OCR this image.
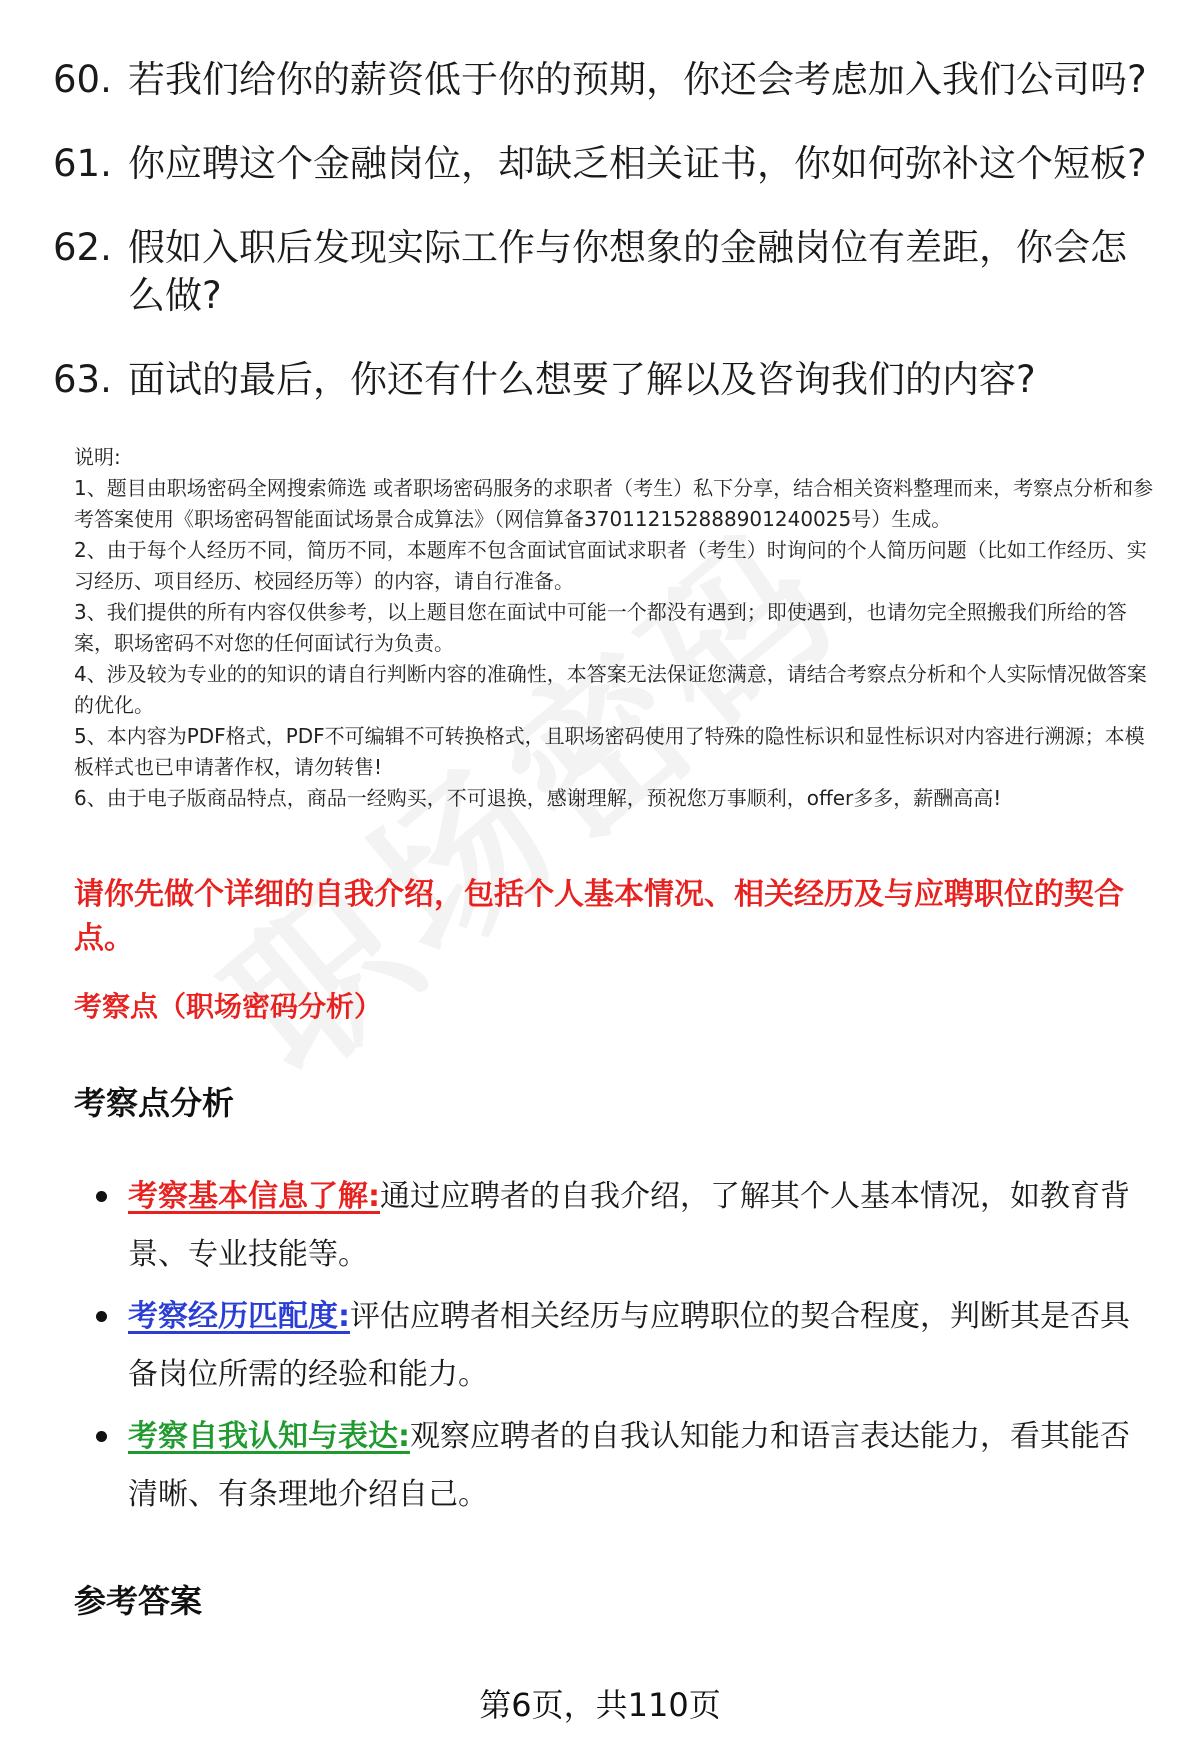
60. 若我们给你的薪资低于你的预期，你还会考虑加入我们公司吗?
61. 你应聘这个金融岗位，却缺乏相关证书，你如何弥补这个短板?
62. 假如入职后发现实际工作与你想象的金融岗位有差距，你会怎么做?
63. 面试的最后，你还有什么想要了解以及咨询我们的内容?

说明:

1、题目由职场密码全网搜索筛选 或者职场密码服务的求职者（考生）私下分享，结合相关资料整理而来，考察点分析和参考答案使用《职场密码智能面试场景合成算法》（网信算备370112152888901240025号）生成。

2、由于每个人经历不同，简历不同，本题库不包含面试官面试求职者（考生）时询问的个人简历问题（比如工作经历、实习经历、项目经历、校园经历等）的内容，请自行准备。

3、我们提供的所有内容仅供参考，以上题目您在面试中可能一个都没有遇到；即使遇到，也请勿完全照搬我们所给的答案，职场密码不对您的任何面试行为负责。

4、涉及较为专业的的知识的请自行判断内容的准确性，本答案无法保证您满意，请结合考察点分析和个人实际情况做答案的优化。

5、本内容为PDF格式，PDF不可编辑不可转换格式，且职场密码使用了特殊的隐性标识和显性标识对内容进行溯源；本模板样式也已申请著作权，请勿转售!

6、由于电子版商品特点，商品一经购买，不可退换，感谢理解，预祝您万事顺利，offer多多，薪酬高高!

请你先做个详细的自我介绍，包括个人基本情况、相关经历及与应聘职位的契合点。
考察点（职场密码分析）
考察点分析
考察基本信息了解:通过应聘者的自我介绍，了解其个人基本情况，如教育背景、专业技能等。
考察经历匹配度:评估应聘者相关经历与应聘职位的契合程度，判断其是否具备岗位所需的经验和能力。
考察自我认知与表达:观察应聘者的自我认知能力和语言表达能力，看其能否清晰、有条理地介绍自己。
参考答案
第6页，共110页
